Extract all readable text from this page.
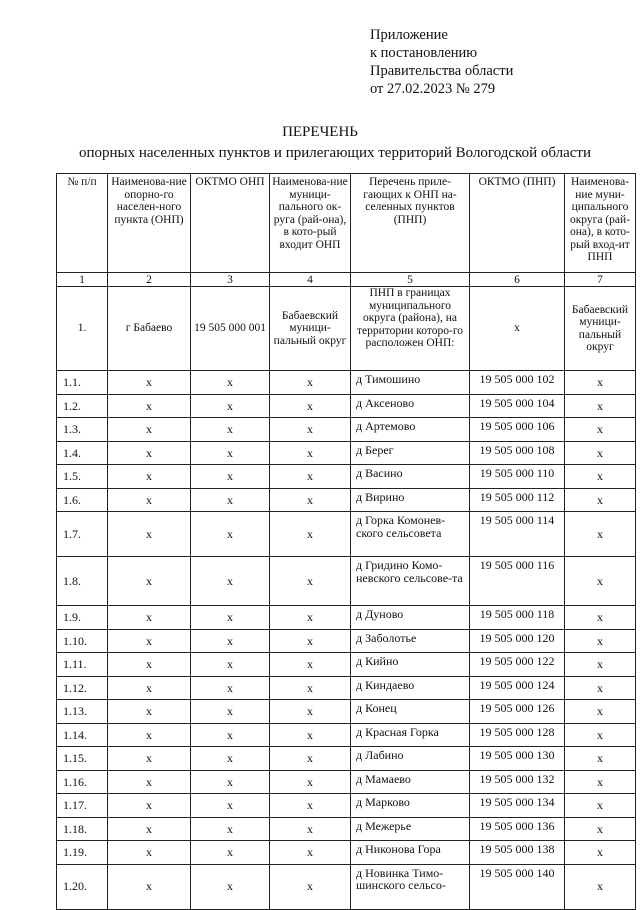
Приложение
к постановлению
Правительства области
от 27.02.2023 № 279
ПЕРЕЧЕНЬ
опорных населенных пунктов и прилегающих территорий Вологодской области
№ п/п	Наименова-ние опорно-го населен-ного пункта (ОНП)	ОКТМО ОНП	Наименова-ние муници-пального ок-руга (рай-она), в кото-рый входит ОНП	Перечень приле-гающих к ОНП на-селенных пунктов (ПНП)	ОКТМО (ПНП)	Наименова-ние муни-ципального округа (рай-она), в кото-рый вход-ит ПНП
1	2	3	4	5	6	7
1.	г Бабаево	19 505 000 001	Бабаевский муници-пальный округ	ПНП в границах муниципального округа (района), на территории которо-го расположен ОНП:	x	Бабаевский муници-пальный округ
1.1.	x	x	x	д Тимошино	19 505 000 102	x
1.2.	x	x	x	д Аксеново	19 505 000 104	x
1.3.	x	x	x	д Артемово	19 505 000 106	x
1.4.	x	x	x	д Берег	19 505 000 108	x
1.5.	x	x	x	д Васино	19 505 000 110	x
1.6.	x	x	x	д Вирино	19 505 000 112	x
1.7.	x	x	x	д Горка Комонев-ского сельсовета	19 505 000 114	x
1.8.	x	x	x	д Гридино Комо-невского сельсове-та	19 505 000 116	x
1.9.	x	x	x	д Дуново	19 505 000 118	x
1.10.	x	x	x	д Заболотье	19 505 000 120	x
1.11.	x	x	x	д Кийно	19 505 000 122	x
1.12.	x	x	x	д Киндаево	19 505 000 124	x
1.13.	x	x	x	д Конец	19 505 000 126	x
1.14.	x	x	x	д Красная Горка	19 505 000 128	x
1.15.	x	x	x	д Лабино	19 505 000 130	x
1.16.	x	x	x	д Мамаево	19 505 000 132	x
1.17.	x	x	x	д Марково	19 505 000 134	x
1.18.	x	x	x	д Межерье	19 505 000 136	x
1.19.	x	x	x	д Никонова Гора	19 505 000 138	x
1.20.	x	x	x	д Новинка Тимо-шинского сельсо-	19 505 000 140	x
